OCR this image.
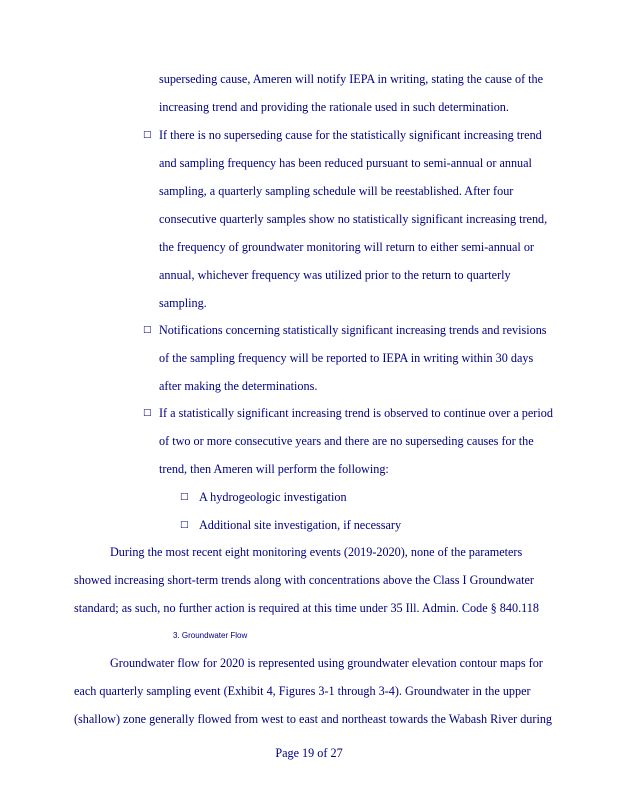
superseding cause, Ameren will notify IEPA in writing, stating the cause of the
increasing trend and providing the rationale used in such determination.
□ If there is no superseding cause for the statistically significant increasing trend
and sampling frequency has been reduced pursuant to semi-annual or annual
sampling, a quarterly sampling schedule will be reestablished. After four
consecutive quarterly samples show no statistically significant increasing trend,
the frequency of groundwater monitoring will return to either semi-annual or
annual, whichever frequency was utilized prior to the return to quarterly
sampling.
□ Notifications concerning statistically significant increasing trends and revisions
of the sampling frequency will be reported to IEPA in writing within 30 days
after making the determinations.
□ If a statistically significant increasing trend is observed to continue over a period
of two or more consecutive years and there are no superseding causes for the
trend, then Ameren will perform the following:
□ A hydrogeologic investigation
□ Additional site investigation, if necessary
During the most recent eight monitoring events (2019-2020), none of the parameters
showed increasing short-term trends along with concentrations above the Class I Groundwater
standard; as such, no further action is required at this time under 35 Ill. Admin. Code § 840.118
3. Groundwater Flow
Groundwater flow for 2020 is represented using groundwater elevation contour maps for
each quarterly sampling event (Exhibit 4, Figures 3-1 through 3-4). Groundwater in the upper
(shallow) zone generally flowed from west to east and northeast towards the Wabash River during
Page 19 of 27
